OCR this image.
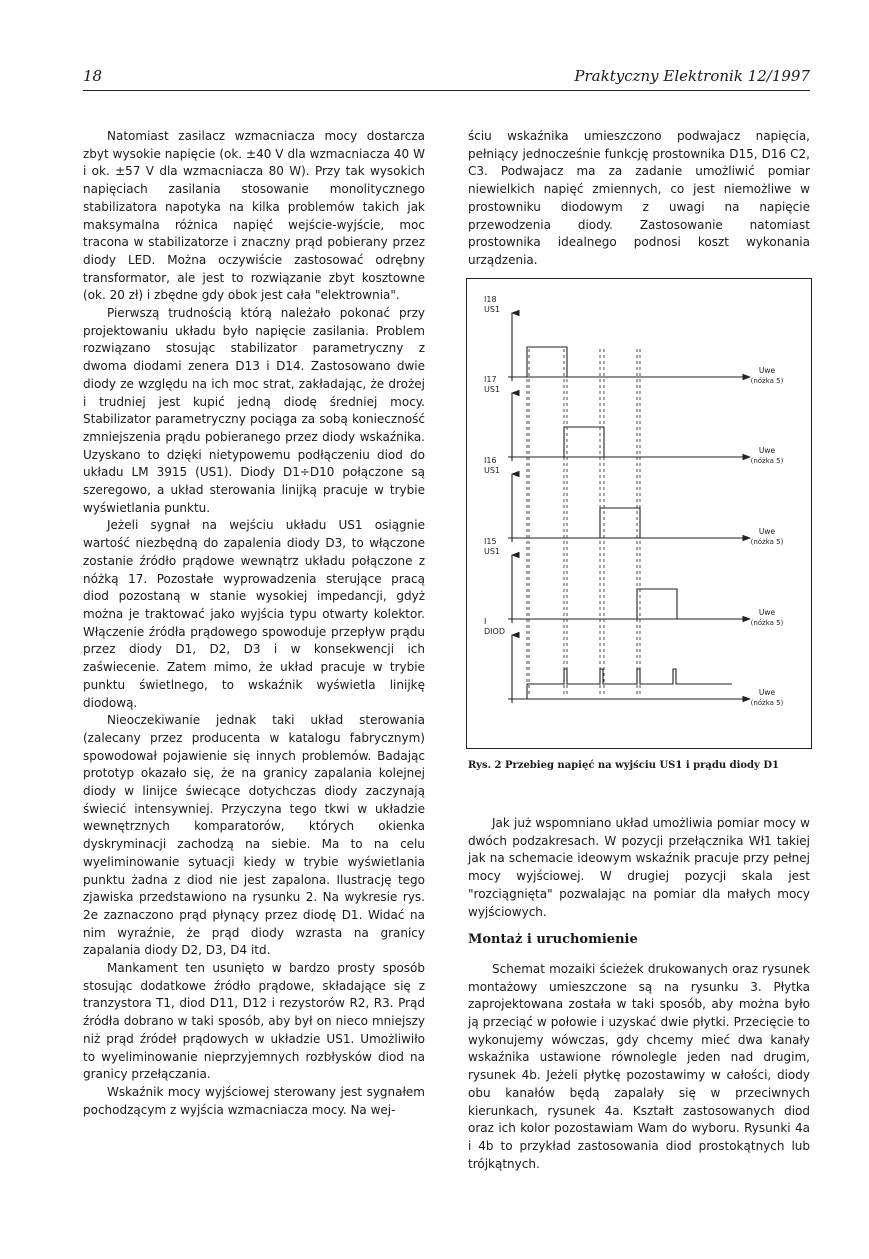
18	Praktyczny Elektronik 12/1997

Natomiast zasilacz wzmacniacza mocy dostarcza zbyt wysokie napięcie (ok. ±40 V dla wzmacniacza 40 W i ok. ±57 V dla wzmacniacza 80 W). Przy tak wysokich napięciach zasilania stosowanie monolitycznego stabilizatora napotyka na kilka problemów takich jak maksymalna różnica napięć wejście-wyjście, moc tracona w stabilizatorze i znaczny prąd pobierany przez diody LED. Można oczywiście zastosować odrębny transformator, ale jest to rozwiązanie zbyt kosztowne (ok. 20 zł) i zbędne gdy obok jest cała "elektrownia".

Pierwszą trudnością którą należało pokonać przy projektowaniu układu było napięcie zasilania. Problem rozwiązano stosując stabilizator parametryczny z dwoma diodami zenera D13 i D14. Zastosowano dwie diody ze względu na ich moc strat, zakładając, że drożej i trudniej jest kupić jedną diodę średniej mocy. Stabilizator parametryczny pociąga za sobą konieczność zmniejszenia prądu pobieranego przez diody wskaźnika. Uzyskano to dzięki nietypowemu podłączeniu diod do układu LM 3915 (US1). Diody D1÷D10 połączone są szeregowo, a układ sterowania linijką pracuje w trybie wyświetlania punktu.

Jeżeli sygnał na wejściu układu US1 osiągnie wartość niezbędną do zapalenia diody D3, to włączone zostanie źródło prądowe wewnątrz układu połączone z nóżką 17. Pozostałe wyprowadzenia sterujące pracą diod pozostaną w stanie wysokiej impedancji, gdyż można je traktować jako wyjścia typu otwarty kolektor. Włączenie źródła prądowego spowoduje przepływ prądu przez diody D1, D2, D3 i w konsekwencji ich zaświecenie. Zatem mimo, że układ pracuje w trybie punktu świetlnego, to wskaźnik wyświetla linijkę diodową.

Nieoczekiwanie jednak taki układ sterowania (zalecany przez producenta w katalogu fabrycznym) spowodował pojawienie się innych problemów. Badając prototyp okazało się, że na granicy zapalania kolejnej diody w linijce świecące dotychczas diody zaczynają świecić intensywniej. Przyczyna tego tkwi w układzie wewnętrznych komparatorów, których okienka dyskryminacji zachodzą na siebie. Ma to na celu wyeliminowanie sytuacji kiedy w trybie wyświetlania punktu żadna z diod nie jest zapalona. Ilustrację tego zjawiska przedstawiono na rysunku 2. Na wykresie rys. 2e zaznaczono prąd płynący przez diodę D1. Widać na nim wyraźnie, że prąd diody wzrasta na granicy zapalania diody D2, D3, D4 itd.

Mankament ten usunięto w bardzo prosty sposób stosując dodatkowe źródło prądowe, składające się z tranzystora T1, diod D11, D12 i rezystorów R2, R3. Prąd źródła dobrano w taki sposób, aby był on nieco mniejszy niż prąd źródeł prądowych w układzie US1. Umożliwiło to wyeliminowanie nieprzyjemnych rozbłysków diod na granicy przełączania.

Wskaźnik mocy wyjściowej sterowany jest sygnałem pochodzącym z wyjścia wzmacniacza mocy. Na wej-

ściu wskaźnika umieszczono podwajacz napięcia, pełniący jednocześnie funkcję prostownika D15, D16 C2, C3. Podwajacz ma za zadanie umożliwić pomiar niewielkich napięć zmiennych, co jest niemożliwe w prostowniku diodowym z uwagi na napięcie przewodzenia diody. Zastosowanie natomiast prostownika idealnego podnosi koszt wykonania urządzenia.

I18
US1
Uwe
(nóżka 5)
I17
US1
Uwe
(nóżka 5)
I16
US1
Uwe
(nóżka 5)
I15
US1
Uwe
(nóżka 5)
I
DIOD
Uwe
(nóżka 5)
Rys. 2 Przebieg napięć na wyjściu US1 i prądu diody D1

Jak już wspomniano układ umożliwia pomiar mocy w dwóch podzakresach. W pozycji przełącznika Wł1 takiej jak na schemacie ideowym wskaźnik pracuje przy pełnej mocy wyjściowej. W drugiej pozycji skala jest "rozciągnięta" pozwalając na pomiar dla małych mocy wyjściowych.

Montaż i uruchomienie

Schemat mozaiki ścieżek drukowanych oraz rysunek montażowy umieszczone są na rysunku 3. Płytka zaprojektowana została w taki sposób, aby można było ją przeciąć w połowie i uzyskać dwie płytki. Przecięcie to wykonujemy wówczas, gdy chcemy mieć dwa kanały wskaźnika ustawione równolegle jeden nad drugim, rysunek 4b. Jeżeli płytkę pozostawimy w całości, diody obu kanałów będą zapalały się w przeciwnych kierunkach, rysunek 4a. Kształt zastosowanych diod oraz ich kolor pozostawiam Wam do wyboru. Rysunki 4a i 4b to przykład zastosowania diod prostokątnych lub trójkątnych.
